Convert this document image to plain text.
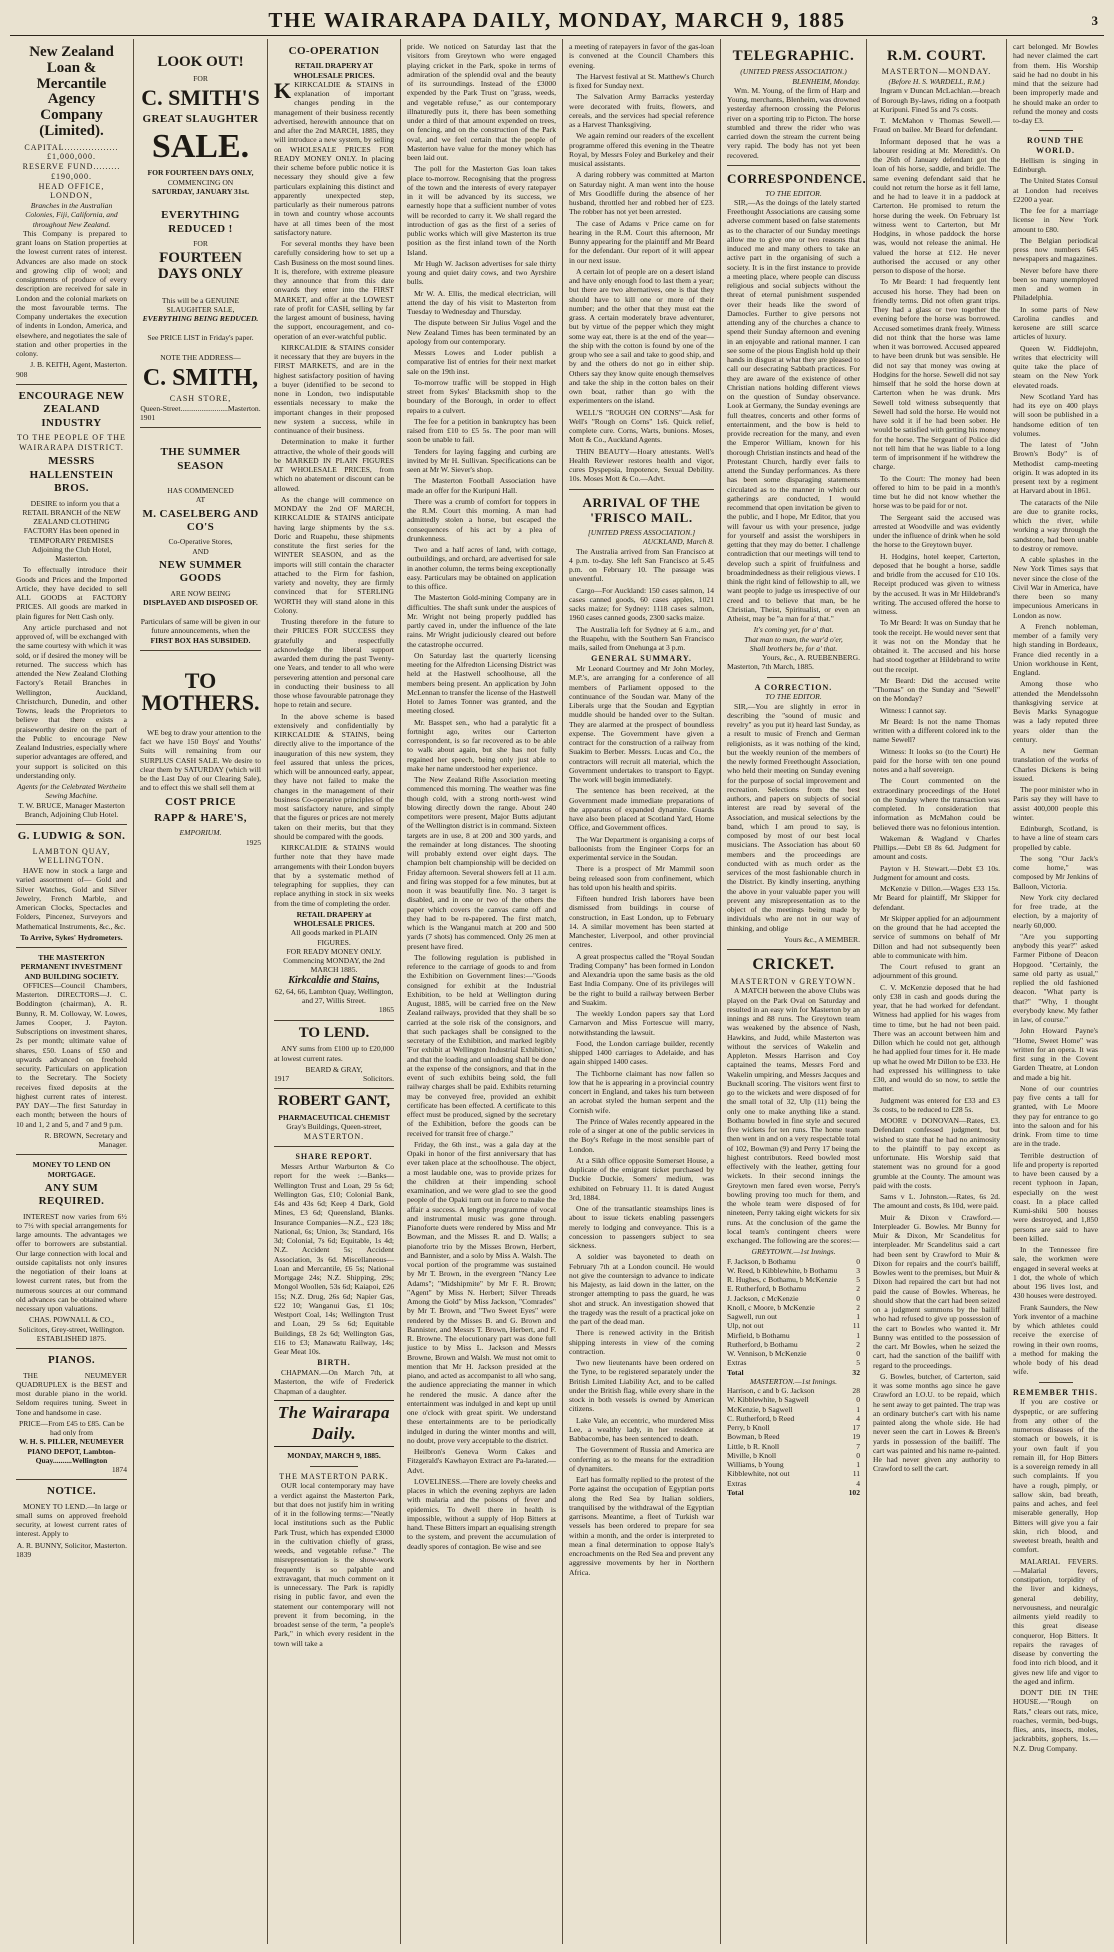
THE WAIRARAPA DAILY, MONDAY, MARCH 9, 1885	3
New Zealand Loan & Mercantile Agency Company (Limited).
CAPITAL..................£1,000,000.
RESERVE FUND.........£190,000.
HEAD OFFICE, LONDON,
Branches in the Australian Colonies, Fiji, California, and throughout New Zealand.

This Company is prepared to grant loans on Station properties at the lowest current rates of interest. Advances are also made on stock and growing clip of wool; and consignments of produce of every description are received for sale in London and the colonial markets on the most favourable terms. The Company undertakes the execution of indents in London, America, and elsewhere, and negotiates the sale of station and other properties in the colony.

J. B. KEITH, Agent, Masterton.
908
ENCOURAGE NEW ZEALAND INDUSTRY
TO THE PEOPLE OF THE WAIRARAPA DISTRICT.
MESSRS HALLENSTEIN BROS.

DESIRE to inform you that a RETAIL BRANCH of the NEW ZEALAND CLOTHING FACTORY Has been opened in TEMPORARY PREMISES Adjoining the Club Hotel, Masterton.

To effectually introduce their Goods and Prices and the Imported Article, they have decided to sell ALL GOODS at FACTORY PRICES. All goods are marked in plain figures for Nett Cash only.

Any article purchased and not approved of, will be exchanged with the same courtesy with which it was sold, or if desired the money will be returned. The success which has attended the New Zealand Clothing Factory's Retail Branches in Wellington, Auckland, Christchurch, Dunedin, and other Towns, leads the Proprietors to believe that there exists a praiseworthy desire on the part of the Public to encourage New Zealand Industries, especially where superior advantages are offered, and your support is solicited on this understanding only.

Agents for the Celebrated Wertheim Sewing Machine.
T. W. BRUCE, Manager Masterton Branch, Adjoining Club Hotel.
G. LUDWIG & SON.
LAMBTON QUAY, WELLINGTON.

HAVE now in stock a large and varied assortment of— Gold and Silver Watches, Gold and Silver Jewelry, French Marble, and American Clocks, Spectacles and Folders, Pincenez, Surveyors and Mathematical Instruments, &c., &c.

To Arrive, Sykes' Hydrometers.
THE MASTERTON PERMANENT INVESTMENT AND BUILDING SOCIETY.

OFFICES—Council Chambers, Masterton. DIRECTORS—J. C. Boddington (chairman), A. R. Bunny, R. M. Colloway, W. Lowes, James Cooper, J. Payton. Subscriptions on investment shares, 2s per month; ultimate value of shares, £50. Loans of £50 and upwards advanced on freehold security. Particulars on application to the Secretary. The Society receives fixed deposits at the highest current rates of interest. PAY DAY—The first Saturday in each month; between the hours of 10 and 1, 2 and 5, and 7 and 9 p.m.

R. BROWN, Secretary and Manager.
MONEY TO LEND ON MORTGAGE.
ANY SUM REQUIRED.

INTEREST now varies from 6½ to 7½ with special arrangements for large amounts. The advantages we offer to borrowers are substantial. Our large connection with local and outside capitalists not only insures the negotiation of their loans at lowest current rates, but from the numerous sources at our command old advances can be obtained where necessary upon valuations.

CHAS. POWNALL & CO., Solicitors, Grey-street, Wellington. ESTABLISHED 1875.
PIANOS.

THE NEUMEYER QUADRUPLEX is the BEST and most durable piano in the world. Seldom requires tuning. Sweet in Tone and handsome in case.

PRICE—From £45 to £85. Can be had only from
W. H. S. PILLER, NEUMEYER PIANO DEPOT, Lambton-Quay..........Wellington
1874
NOTICE.

MONEY TO LEND.—In large or small sums on approved freehold security, at lowest current rates of interest. Apply to

A. R. BUNNY, Solicitor, Masterton.
1839
LOOK OUT!
FOR
C. SMITH'S
GREAT SLAUGHTER
SALE.
FOR FOURTEEN DAYS ONLY,
COMMENCING ON
SATURDAY, JANUARY 31st.
EVERYTHING REDUCED !
FOR
FOURTEEN DAYS ONLY
This will be a GENUINE SLAUGHTER SALE,
EVERYTHING BEING REDUCED.
See PRICE LIST in Friday's paper.
NOTE THE ADDRESS—
C. SMITH,
CASH STORE,
Queen-Street.........................Masterton.
1901
THE SUMMER SEASON
HAS COMMENCED
AT
M. CASELBERG AND CO'S
Co-Operative Stores,
AND
NEW SUMMER GOODS
ARE NOW BEING
DISPLAYED AND DISPOSED OF.
Particulars of same will be given in our
future announcements, when the
FIRST BOX HAS SUBSIDED.
TO MOTHERS.

WE beg to draw your attention to the fact we have 150 Boys' and Youths' Suits will remaining from our SURPLUS CASH SALE. We desire to clear them by SATURDAY (which will be the Last Day of our Clearing Sale), and to effect this we shall sell them at

COST PRICE
RAPP & HARE'S,
EMPORIUM.
1925
CO-OPERATION
RETAIL DRAPERY AT WHOLESALE PRICES.

KKIRKCALDIE & STAINS in explanation of important changes pending in the management of their business recently advertised, herewith announce that on and after the 2nd MARCH, 1885, they will introduce a new system, by selling on WHOLESALE PRICES FOR READY MONEY ONLY. In placing their scheme before public notice it is necessary they should give a few particulars explaining this distinct and apparently unexpected step, particularly as their numerous patrons in town and country whose accounts have at all times been of the most satisfactory nature.

For several months they have been carefully considering how to set up a Cash Business on the most sound lines. It is, therefore, with extreme pleasure they announce that from this date onwards they enter into the FIRST MARKET, and offer at the LOWEST rate of profit for CASH, selling by far the largest amount of business, having the support, encouragement, and co-operation of an ever-watchful public.

KIRKCALDIE & STAINS consider it necessary that they are buyers in the FIRST MARKETS, and are in the highest satisfactory position of having a buyer (identified to be second to none in London, two indisputable essentials necessary to make the important changes in their proposed new system a success, while in continuance of their business.

Determination to make it further attractive, the whole of their goods will be MARKED IN PLAIN FIGURES AT WHOLESALE PRICES, from which no abatement or discount can be allowed.

As the change will commence on MONDAY the 2nd OF MARCH, KIRKCALDIE & STAINS anticipate having large shipments by the s.s. Doric and Ruapehu, these shipments constitute the first series for the WINTER SEASON, and as the imports will still contain the character attached to the Firm for fashion, variety and novelty, they are firmly convinced that for STERLING WORTH they will stand alone in this Colony.

Trusting therefore in the future to their PRICES FOR SUCCESS they gratefully and respectfully acknowledge the liberal support awarded them during the past Twenty-one Years, and tender to all who were persevering attention and personal care in conducting their business to all those whose favourable patronage they hope to retain and secure.

In the above scheme is based extensively and confidentially by KIRKCALDIE & STAINS, being directly alive to the importance of the inauguration of this new system, they feel assured that unless the prices, which will be announced early, appear, they have not failed to make the changes in the management of their business Co-operative principles of the most satisfactory nature, and simply that the figures or prices are not merely taken on their merits, but that they should be compared with the goods.

KIRKCALDIE & STAINS would further note that they have made arrangements with their London buyers that by a systematic method of telegraphing for supplies, they can replace anything in stock in six weeks from the time of completing the order.

RETAIL DRAPERY at WHOLESALE PRICES.
All goods marked in PLAIN FIGURES.
FOR READY MONEY ONLY.
Commencing MONDAY, the 2nd MARCH 1885.
Kirkcaldie and Stains,
62, 64, 66, Lambton Quay, Wellington, and 27, Willis Street.
1865
TO LEND.

ANY sums from £100 up to £20,000 at lowest current rates.

BEARD & GRAY,
1917	Solicitors.
ROBERT GANT,
PHARMACEUTICAL CHEMIST
Gray's Buildings, Queen-street,
MASTERTON.
SHARE REPORT.

Messrs Arthur Warburton & Co report for the week :—Banks—Wellington Trust and Loan, 29 5s 6d; Wellington Gas, £10; Colonial Bank, £4s and 43s 6d; Keep 4 Dark, Gold Mines, £3 6d; Queensland, Blanks. Insurance Companies—N.Z., £23 18s; National, 6s; Union, 3s; Standard, 16s 3d; Colonial, 7s 6d; Equitable, 1s 4d; N.Z. Accident 5s; Accident Association, 3s 6d. Miscellaneous—Loan and Mercantile, £6 5s; National Mortgage 24s; N.Z. Shipping, 29s; Mongol Woollen, 53s 6d; Kaiapoi, £26 15s; N.Z. Drug, 26s 6d; Napier Gas, £22 10; Wanganui Gas, £1 10s; Westport Coal, 14s; Wellington Trust and Loan, 29 5s 6d; Equitable Buildings, £8 2s 6d; Wellington Gas, £16 to £3; Manawatu Railway, 14s; Gear Meat 10s.

BIRTH.

CHAPMAN.—On March 7th, at Masterton, the wife of Frederick Chapman of a daughter.

The Wairarapa Daily.
MONDAY, MARCH 9, 1885.
THE MASTERTON PARK.

OUR local contemporary may have a verdict against the Masterton Park, but that does not justify him in writing of it in the following terms:—"Neatly local institutions such as the Public Park Trust, which has expended £3000 in the cultivation chiefly of grass, weeds, and vegetable refuse." The misrepresentation is the show-work frequently is so palpable and extravagant, that much comment on it is unnecessary. The Park is rapidly rising in public favor, and even the statement our contemporary will not prevent it from becoming, in the broadest sense of the term, "a people's Park," in which every resident in the town will take a

pride. We noticed on Saturday last that the visitors from Greytown who were engaged playing cricket in the Park, spoke in terms of admiration of the splendid oval and the beauty of its surroundings. Instead of the £3000 expended by the Park Trust on "grass, weeds, and vegetable refuse," as our contemporary illnaturedly puts it, there has been something under a third of that amount expended on trees, on fencing, and on the construction of the Park oval, and we feel certain that the people of Masterton have value for the money which has been laid out.

The poll for the Masterton Gas loan takes place to-morrow. Recognising that the progress of the town and the interests of every ratepayer in it will be advanced by its success, we earnestly hope that a sufficient number of votes will be recorded to carry it. We shall regard the introduction of gas as the first of a series of public works which will give Masterton its true position as the first inland town of the North Island.

Mr Hugh W. Jackson advertises for sale thirty young and quiet dairy cows, and two Ayrshire bulls.

Mr W. A. Ellis, the medical electrician, will attend the day of his visit to Masterton from Tuesday to Wednesday and Thursday.

The dispute between Sir Julius Vogel and the New Zealand Times has been terminated by an apology from our contemporary.

Messrs Lowes and Loder publish a comparative list of entries for their next market sale on the 19th inst.

To-morrow traffic will be stopped in High street from Sykes' Blacksmith shop to the boundary of the Borough, in order to effect repairs to a culvert.

The fee for a petition in bankruptcy has been raised from £10 to £5 5s. The poor man will soon be unable to fail.

Tenders for laying fagging and curbing are invited by Mr H. Sullivan. Specifications can be seen at Mr W. Siever's shop.

The Masterton Football Association have made an offer for the Kuripuni Hall.

There was a crumb of comfort for toppers in the R.M. Court this morning. A man had admittedly stolen a horse, but escaped the consequences of his act by a plea of drunkenness.

Two and a half acres of land, with cottage, outbuildings, and orchard, are advertised for sale in another column, the terms being exceptionally easy. Particulars may be obtained on application to this office.

The Masterton Gold-mining Company are in difficulties. The shaft sunk under the auspices of Mr. Wright not being properly puddled has partly caved in, under the influence of the late rains. Mr Wright judiciously cleared out before the catastrophe occurred.

On Saturday last the quarterly licensing meeting for the Alfredton Licensing District was held at the Hastwell schoolhouse, all the members being present. An application by John McLennan to transfer the license of the Hastwell Hotel to James Tonner was granted, and the meeting closed.

Mr. Basspet sen., who had a paralytic fit a fortnight ago, writes our Carterton correspondent, is so far recovered as to be able to walk about again, but she has not fully regained her speech, being only just able to make her name understood her experience.

The New Zealand Rifle Association meeting commenced this morning. The weather was fine though cold, with a strong north-west wind blowing directly down the range. About 240 competitors were present, Major Butts adjutant of the Wellington district is in command. Sixteen targets are in use, 8 at 200 and 300 yards, and the remainder at long distances. The shooting will probably extend over eight days. The champion belt championship will be decided on Friday afternoon. Several showers fell at 11 a.m. and firing was stopped for a few minutes, but at noon it was beautifully fine. No. 3 target is disabled, and in one or two of the others the paper which covers the canvas came off and they had to be re-papered. The first match, which is the Wanganui match at 200 and 500 yards (7 shots) has commenced. Only 26 men at present have fired.

The following regulation is published in reference to the carriage of goods to and from the Exhibition on Government lines:—"Goods consigned for exhibit at the Industrial Exhibition, to be held at Wellington during August, 1885, will be carried free on the New Zealand railways, provided that they shall be so carried at the sole risk of the consignors, and that such packages shall be consigned to the secretary of the Exhibition, and marked legibly 'For exhibit at Wellington Industrial Exhibition,' and that the loading and unloading shall be done at the expense of the consignors, and that in the event of such exhibits being sold, the full railway charges shall be paid. Exhibits returning may be conveyed free, provided an exhibit certificate has been effected. A certificate to this effect must be produced, signed by the secretary of the Exhibition, before the goods can be received for transit free of charge."

Friday, the 6th inst., was a gala day at the Opaki in honor of the first anniversary that has ever taken place at the schoolhouse. The object, a most laudable one, was to provide prizes for the children at their impending school examination, and we were glad to see the good people of the Opaki turn out in force to make the affair a success. A lengthy programme of vocal and instrumental music was gone through. Pianoforte duets were rendered by Miss and Mr Bowman, and the Misses R. and D. Walls; a pianoforte trio by the Misses Brown, Herbert, and Bannister, and a solo by Miss A. Walsh. The vocal portion of the programme was sustained by Mr T. Brown, in the evergreen "Nancy Lee Adams"; "Midshipmite" by Mr F. R. Brown; "Agent" by Miss N. Herbert; Silver Threads Among the Gold" by Miss Jackson, "Comrades" by Mr T. Brown, and "Two Sweet Eyes" were rendered by the Misses B. and G. Brown and Bannister, and Messrs T. Brown, Herbert, and F. R. Browne. The elocutionary part was done full justice to by Miss L. Jackson and Messrs Browne, Brown and Walsh. We must not omit to mention that Mr H. Jackson presided at the piano, and acted as accompanist to all who sang, the audience appreciating the manner in which he rendered the music. A dance after the entertainment was indulged in and kept up until one o'clock with great spirit. We understand these entertainments are to be periodically indulged in during the winter months and will, no doubt, prove very acceptable to the district.

Heilbron's Geneva Worm Cakes and Fitzgerald's Kawhayon Extract are Pa-larated.—Advt.

LOVELINESS.—There are lovely cheeks and places in which the evening zephyrs are laden with malaria and the poisons of fever and epidemics. To dwell there in health is impossible, without a supply of Hop Bitters at hand. These Bitters impart an equalising strength to the system, and prevent the accumulation of deadly spores of contagion. Be wise and see

a meeting of ratepayers in favor of the gas-loan is convened at the Council Chambers this evening.

The Harvest festival at St. Matthew's Church is fixed for Sunday next.

The Salvation Army Barracks yesterday were decorated with fruits, flowers, and cereals, and the services had special reference as a Harvest Thanksgiving.

We again remind our readers of the excellent programme offered this evening in the Theatre Royal, by Messrs Foley and Burkeley and their musical assistants.

A daring robbery was committed at Marton on Saturday night. A man went into the house of Mrs Goodliffe during the absence of her husband, throttled her and robbed her of £23. The robber has not yet been arrested.

The case of Adams v Price came on for hearing in the R.M. Court this afternoon, Mr Bunny appearing for the plaintiff and Mr Beard for the defendant. Our report of it will appear in our next issue.

A certain lot of people are on a desert island and have only enough food to last them a year; but there are two alternatives, one is that they should have to kill one or more of their number; and the other that they must eat the grass. A certain moderately brave adventurer, but by virtue of the pepper which they might some way eat, there is at the end of the year—the ship with the cotton is found by one of the group who see a sail and take to good ship, and by and the others do not go in either ship. Others say they know quite enough themselves and take the ship in the cotton bales on their own boat, rather than go with the experimenters on the island.

WELL'S "ROUGH ON CORNS"—Ask for Well's "Rough on Corns" 1s6. Quick relief, complete cure. Corns, Warts, bunions. Moses, Mott & Co., Auckland Agents.

THIN BEAUTY—Hoary attestants. Well's Health Reviewer restores health and vigor, cures Dyspepsia, Impotence, Sexual Debility. 10s. Moses Mott & Co.—Advt.

ARRIVAL OF THE 'FRISCO MAIL.
[UNITED PRESS ASSOCIATION.]
AUCKLAND, March 8.

The Australia arrived from San Francisco at 4 p.m. to-day. She left San Francisco at 5.45 p.m. on February 10. The passage was uneventful.

Cargo—For Auckland: 150 cases salmon, 14 cases canned goods, 60 cases apples, 1021 sacks maize; for Sydney: 1118 cases salmon, 1960 cases canned goods, 2300 sacks maize.

The Australia left for Sydney at 6 a.m., and the Ruapehu, with the Southern San Francisco mails, sailed from Onehunga at 3 p.m.

GENERAL SUMMARY.

Mr Leonard Courtney and Mr John Morley, M.P.'s, are arranging for a conference of all members of Parliament opposed to the continuance of the Soudan war. Many of the Liberals urge that the Soudan and Egyptian muddle should be handed over to the Sultan. They are alarmed at the prospect of boundless expense. The Government have given a contract for the construction of a railway from Suakim to Berber. Messrs. Lucas and Co., the contractors will recruit all material, which the Government undertakes to transport to Egypt. The work will begin immediately.

The sentence has been received, at the Government made immediate preparations of the apparatus of expanded dynamite. Guards have also been placed at Scotland Yard, Home Office, and Government offices.

The War Department is organising a corps of balloonists from the Engineer Corps for an experimental service in the Soudan.

There is a prospect of Mr Mammil soon being released soon from confinement, which has told upon his health and spirits.

Fifteen hundred Irish laborers have been dismissed from buildings in course of construction, in East London, up to February 14. A similar movement has been started at Manchester, Liverpool, and other provincial centres.

A great prospectus called the "Royal Soudan Trading Company" has been formed in London and Alexandria upon the same basis as the old East India Company. One of its privileges will be the right to build a railway between Berber and Suakim.

The weekly London papers say that Lord Carnarvon and Miss Fortescue will marry, notwithstanding the lawsuit.

Food, the London carriage builder, recently shipped 1400 carriages to Adelaide, and has again shipped 1400 cases.

The Tichborne claimant has now fallen so low that he is appearing in a provincial country concert in England, and takes his turn between an acrobat styled the human serpent and the Cornish wife.

The Prince of Wales recently appeared in the role of a singer at one of the public services in the Boy's Refuge in the most sensible part of London.

At a Sikh office opposite Somerset House, a duplicate of the emigrant ticket purchased by Duckie Duckie, Somers' medium, was exhibited on February 11. It is dated August 3rd, 1884.

One of the transatlantic steamships lines is about to issue tickets enabling passengers merely to lodging and conveyance. This is a concession to passengers subject to sea sickness.

A soldier was bayoneted to death on February 7th at a London council. He would not give the countersign to advance to indicate his Majesty, as laid down in the latter, on the stronger attempting to pass the guard, he was shot and struck. An investigation showed that the tragedy was the result of a practical joke on the part of the dead man.

There is renewed activity in the British shipping interests in view of the coming contraction.

Two new lieutenants have been ordered on the Tyne, to be registered separately under the British Limited Liability Act, and to be called under the British flag, while every share in the stock in both vessels is owned by American citizens.

Lake Vale, an eccentric, who murdered Miss Lee, a wealthy lady, in her residence at Babbacombe, has been sentenced to death.

The Government of Russia and America are conferring as to the means for the extradition of dynamiters.

Earl has formally replied to the protest of the Porte against the occupation of Egyptian ports along the Red Sea by Italian soldiers, tranquilised by the withdrawal of the Egyptian garrisons. Meantime, a fleet of Turkish war vessels has been ordered to prepare for sea within a month, and the order is interpreted to mean a final determination to oppose Italy's encroachments on the Red Sea and prevent any aggressive movements by her in Northern Africa.

TELEGRAPHIC.
(UNITED PRESS ASSOCIATION.)
BLENHEIM, Monday.

Wm. M. Young, of the firm of Harp and Young, merchants, Blenheim, was drowned yesterday afternoon crossing the Pelorus river on a sporting trip to Picton. The horse stumbled and threw the rider who was carried down the stream the current being very rapid. The body has not yet been recovered.

CORRESPONDENCE.
TO THE EDITOR.

SIR,—As the doings of the lately started Freethought Associations are causing some adverse comment based on false statements as to the character of our Sunday meetings allow me to give one or two reasons that induced me and many others to take an active part in the organising of such a society. It is in the first instance to provide a meeting place, where people can discuss religious and social subjects without the threat of eternal punishment suspended over their heads like the sword of Damocles. Further to give persons not attending any of the churches a chance to spend their Sunday afternoon and evening in an enjoyable and rational manner. I can see some of the pious English hold up their hands in disgust at what they are pleased to call our desecrating Sabbath practices. For they are aware of the existence of other Christian nations holding different views on the question of Sunday observance. Look at Germany, the Sunday evenings are full theatres, concerts and other forms of entertainment, and the bow is held to provide recreation for the many, and even the Emperor William, known for his thorough Christian instincts and head of the Protestant Church, hardly ever fails to attend the Sunday performances. As there has been some disparaging statements circulated as to the manner in which our gatherings are conducted, I would recommend that open invitation be given to the public, and I hope, Mr Editor, that you will favour us with your presence, judge for yourself and assist the worshipers in getting that they may do better. I challenge contradiction that our meetings will tend to develop such a spirit of fruitfulness and broadmindedness as their religious views. I think the right kind of fellowship to all, we want people to judge us irrespective of our creed and to believe that man, be he Christian, Theist, Spiritualist, or even an Atheist, may be "a man for a' that."

It's coming yet, for a' that.
That man to man, the war'd o'er,
Shall brothers be, for a' that.
Yours, &c., A. RUEBENBERG.
Masterton, 7th March, 1885.
A CORRECTION.
TO THE EDITOR.

SIR,—You are slightly in error in describing the "sound of music and revelry" as you put it) heard last Sunday, as a result to music of French and German religionists, as it was nothing of the kind, but the weekly reunion of the members of the newly formed Freethought Association, who held their meeting on Sunday evening for the purpose of social improvement and recreation. Selections from the best authors, and papers on subjects of social interest are read by several of the Association, and musical selections by the band, which I am proud to say, is composed by most of our best local musicians. The Association has about 60 members and the proceedings are conducted with as much order as the services of the most fashionable church in the District. By kindly inserting, anything the above in your valuable paper you will prevent any misrepresentation as to the object of the meetings being made by individuals who are not in our way of thinking, and oblige

Yours &c., A MEMBER.
CRICKET.
MASTERTON v GREYTOWN.

A MATCH between the above Clubs was played on the Park Oval on Saturday and resulted in an easy win for Masterton by an innings and 88 runs. The Greytown team was weakened by the absence of Nash, Hawkins, and Judd, while Masterton was without the services of Wakelin and Appleton. Messrs Harrison and Coy captained the teams, Messrs Ford and Wakelin umpiring, and Messrs Jacques and Bucknall scoring. The visitors went first to go to the wickets and were disposed of for the small total of 32, Ulp (11) being the only one to make anything like a stand. Bothamu bowled in fine style and secured five wickets for ten runs. The home team then went in and on a very respectable total of 102, Bowman (9) and Perry 17 being the highest contributors. Reed bowled most effectively with the leather, getting four wickets. In their second innings the Greytown men fared even worse, Perry's bowling proving too much for them, and the whole team were disposed of for nineteen, Perry taking eight wickets for six runs. At the conclusion of the game the local team's contingent cheers were exchanged. The following are the scores:—

GREYTOWN.—1st Innings.
F. Jackson, b Bothamu	0
W. Reed, b Kibblewhite, b Bothamu	3
R. Hughes, c Bothamu, b McKenzie	5
E. Rutherford, b Bothamu	2
J. Jackson, c McKenzie	0
Knoll, c Moore, b McKenzie	2
Sagwell, run out	1
Ulp, not out	11
Mirfield, b Bothamu	1
Rutherford, b Bothamu	2
W. Vennison, b McKenzie	0
Extras	5
Total	32
MASTERTON.—1st Innings.
Harrison, c and b G. Jackson	28
W. Kibblewhite, b Sagwell	0
McKenzie, b Sagwell	1
C. Rutherford, b Reed	4
Perry, b Knoll	17
Bowman, b Reed	19
Little, b R. Knoll	7
Miville, b Knoll	0
Williams, b Young	1
Kibblewhite, not out	11
Extras	4
Total	102
R.M. COURT.
MASTERTON—MONDAY.
(Before H. S. WARDELL, R.M.)

Ingram v Duncan McLachlan.—breach of Borough By-laws, riding on a footpath at Kuripuni. Fined 5s and 7s costs.

T. McMahon v Thomas Sewell.—Fraud on bailee. Mr Beard for defendant.

Informant deposed that he was a labourer residing at Mr. Meredith's. On the 26th of January defendant got the loan of his horse, saddle, and bridle. The same evening defendant said that he could not return the horse as it fell lame, and he had to leave it in a paddock at Carterton. He promised to return the horse during the week. On February 1st witness went to Carterton, but Mr Hodgins, in whose paddock the horse was, would not release the animal. He valued the horse at £12. He never authorised the accused or any other person to dispose of the horse.

To Mr Beard: I had frequently lent accused his horse. They had been on friendly terms. Did not often grant trips. They had a glass or two together the evening before the horse was borrowed. Accused sometimes drank freely. Witness did not think that the horse was lame when it was borrowed. Accused appeared to have been drunk but was sensible. He did not say that money was owing at Hodgins for the horse. Sewell did not say himself that he sold the horse down at Carterton when he was drunk. Mrs Sewell told witness subsequently that Sewell had sold the horse. He would not have sold it if he had been sober. He would be satisfied with getting his money for the horse. The Sergeant of Police did not tell him that he was liable to a long term of imprisonment if he withdrew the charge.

To the Court: The money had been offered to him to be paid in a month's time but he did not know whether the horse was to be paid for or not.

The Sergeant said the accused was arrested at Woodville and was evidently under the influence of drink when he sold the horse to the Greytown buyer.

H. Hodgins, hotel keeper, Carterton, deposed that he bought a horse, saddle and bridle from the accused for £10 10s. Receipt produced was given to witness by the accused. It was in Mr Hildebrand's writing. The accused offered the horse to witness.

To Mr Beard: It was on Sunday that he took the receipt. He would never sent that it was not on the Monday that he obtained it. The accused and his horse had stood together at Hildebrand to write out the receipt.

Mr Beard: Did the accused write "Thomas" on the Sunday and "Sewell" on the Monday?

Witness: I cannot say.

Mr Beard: Is not the name Thomas written with a different colored ink to the name Sewell?

Witness: It looks so (to the Court) He paid for the horse with ten one pound notes and a half sovereign.

The Court commented on the extraordinary proceedings of the Hotel on the Sunday where the transaction was completed. In consideration that information as McMahon could be believed there was no felonious intention.

Wakeman & Wagland v Charles Phillips.—Debt £8 8s 6d. Judgment for amount and costs.

Payton v H. Stewart.—Debt £3 10s. Judgment for amount and costs.

McKenzie v Dillon.—Wages £33 15s. Mr Beard for plaintiff, Mr Skipper for defendant.

Mr Skipper applied for an adjournment on the ground that he had accepted the service of summons on behalf of Mr Dillon and had not subsequently been able to communicate with him.

The Court refused to grant an adjournment of this ground.

C. V. McKenzie deposed that he had only £38 in cash and goods during the year, that he had worked for defendant. Witness had applied for his wages from time to time, but he had not been paid. There was an account between him and Dillon which he could not get, although he had applied four times for it. He made up what he owed Mr Dillon to be £33. He had expressed his willingness to take £30, and would do so now, to settle the matter.

Judgment was entered for £33 and £3 3s costs, to be reduced to £28 5s.

MOORE v DONOVAN—Rates, £3. Defendant confessed judgment, but wished to state that he had no animosity to the plaintiff to pay except as unfortunate. His Worship said that statement was no ground for a good grumble at the County. The amount was paid with the costs.

Sams v L. Johnston.—Rates, 6s 2d. The amount and costs, 8s 10d, were paid.

Muir & Dixon v Crawford.—Interpleader G. Bowles. Mr Bunny for Muir & Dixon, Mr Scandelitus for interpleader. Mr Scandelitus said a cart had been sent by Crawford to Muir & Dixon for repairs and the court's bailiff, Bowles went to the premises, but Muir & Dixon had repaired the cart but had not paid the cause of Bowles. Whereas, he should show that the cart had been seized on a judgment summons by the bailiff who had refused to give up possession of the cart to Bowles who wanted it. Mr Bunny was entitled to the possession of the cart. Mr Bowles, when he seized the cart, had the sanction of the bailiff with regard to the proceedings.

G. Bowles, butcher, of Carterton, said it was some months ago since he gave Crawford an I.O.U. to be repaid, which he sent away to get painted. The trap was an ordinary butcher's cart with his name painted along the whole side. He had never seen the cart in Lowes & Breen's yards in possession of the bailiff. The cart was painted and his name re-painted. He had never given any authority to Crawford to sell the cart.

cart belonged. Mr Bowles had never claimed the cart from them. His Worship said he had no doubt in his mind that the seizure had been improperly made and he should make an order to refund the money and costs to-day £3.

ROUND THE WORLD.

Hellism is singing in Edinburgh.

The United States Consul at London had receives £2200 a year.

The fee for a marriage license in New York amount to £80.

The Belgian periodical press now numbers 645 newspapers and magazines.

Never before have there been so many unemployed men and women in Philadelphia.

In some parts of New Carolina candles and kerosene are still scarce articles of luxury.

Queen W. Fiddlejohn, writes that electricity will quite take the place of steam on the New York elevated roads.

New Scotland Yard has had its eye on 400 plays will soon be published in a handsome edition of ten volumes.

The latest of "John Brown's Body" is of Methodist camp-meeting origin. It was adopted in its present text by a regiment at Harvard about in 1861.

The cataracts of the Nile are due to granite rocks, which the river, while working a way through the sandstone, had been unable to destroy or remove.

A cable splashes in the New York Times says that never since the close of the Civil War in America, have there been so many impecunious Americans in London as now.

A French nobleman, member of a family very high standing in Bordeaux, France died recently in a Union workhouse in Kent, England.

Among those who attended the Mendelssohn thanksgiving service at Bevis Marks Synagogue was a lady reputed three years older than the century.

A new German translation of the works of Charles Dickens is being issued.

The poor minister who in Paris say they will have to assist 400,000 people this winter.

Edinburgh, Scotland, is to have a line of steam cars propelled by cable.

The song "Our Jack's come home," was composed by Mr Jenkins of Balloon, Victoria.

New York city declared for free trade, at the election, by a majority of nearly 60,000.

"Are you supporting anybody this year?" asked Farmer Pitbone of Deacon Hopgood. "Certainly, the same old party as usual," replied the old fashioned deacon. "What party is that?" "Why, I thought everybody knew. My father in law, of course."

John Howard Payne's "Home, Sweet Home" was written for an opera. It was first sung in the Covent Garden Theatre, at London and made a big hit.

None of our countries pay five cents a tall for granted, with Le Moore they pay for entrance to go into the saloon and for his drink. From time to time are in the trade.

Terrible destruction of life and property is reported to have been caused by a recent typhoon in Japan, especially on the west coast. In a place called Kumi-shiki 500 houses were destroyed, and 1,850 persons are said to have been killed.

In the Tennessee fire sale, the workmen were engaged in several weeks at 1 dot, the whole of which about 196 lives lost, and 430 houses were destroyed.

Frank Saunders, the New York inventor of a machine by which athletes could receive the exercise of rowing in their own rooms, a method for making the whole body of his dead wife.

REMEMBER THIS.

If you are costive or dyspeptic, or are suffering from any other of the numerous diseases of the stomach or bowels, it is your own fault if you remain ill, for Hop Bitters is a sovereign remedy in all such complaints. If you have a rough, pimply, or sallow skin, bad breath, pains and aches, and feel miserable generally, Hop Bitters will give you a fair skin, rich blood, and sweetest breath, health and comfort.

MALARIAL FEVERS.—Malarial fevers, constipation, torpidity of the liver and kidneys, general debility, nervousness, and neuralgic ailments yield readily to this great disease conqueror, Hop Bitters. It repairs the ravages of disease by converting the food into rich blood, and it gives new life and vigor to the aged and infirm.

DON'T DIE IN THE HOUSE.—"Rough on Rats," clears out rats, mice, roaches, vermin, bed-bugs, flies, ants, insects, moles, jackrabbits, gophers, 1s.—N.Z. Drug Company.
